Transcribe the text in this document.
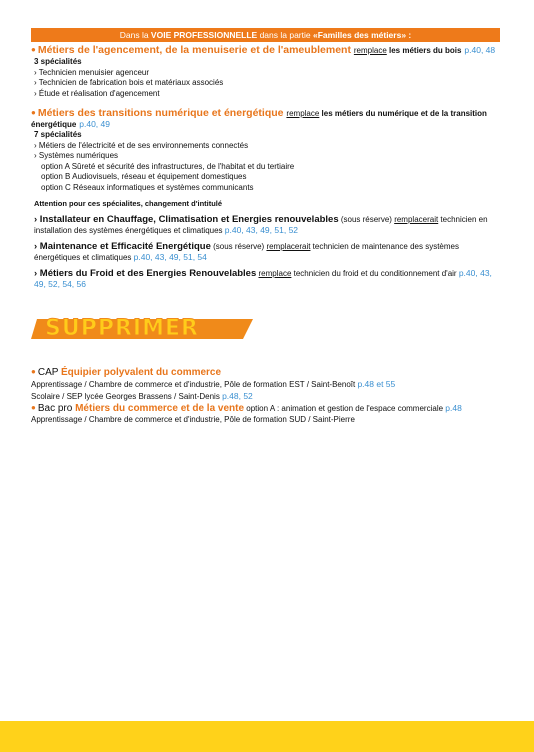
Dans la VOIE PROFESSIONNELLE dans la partie «Familles des métiers» :
● Métiers de l'agencement, de la menuiserie et de l'ameublement remplace les métiers du bois p.40, 48
3 spécialités
› Technicien menuisier agenceur
› Technicien de fabrication bois et matériaux associés
› Étude et réalisation d'agencement
● Métiers des transitions numérique et énergétique remplace les métiers du numérique et de la transition énergétique p.40, 49
7 spécialités
› Métiers de l'électricité et de ses environnements connectés
› Systèmes numériques
option A Sûreté et sécurité des infrastructures, de l'habitat et du tertiaire
option B Audiovisuels, réseau et équipement domestiques
option C Réseaux informatiques et systèmes communicants
Attention pour ces spécialites, changement d'intitulé
› Installateur en Chauffage, Climatisation et Energies renouvelables (sous réserve) remplacerait technicien en installation des systèmes énergétiques et climatiques p.40, 43, 49, 51, 52
› Maintenance et Efficacité Energétique (sous réserve) remplacerait technicien de maintenance des systèmes énergétiques et climatiques p.40, 43, 49, 51, 54
› Métiers du Froid et des Energies Renouvelables remplace technicien du froid et du conditionnement d'air p.40, 43, 49, 52, 54, 56
SUPPRIMER
● CAP Équipier polyvalent du commerce
Apprentissage / Chambre de commerce et d'industrie, Pôle de formation EST / Saint-Benoît p.48 et 55
Scolaire / SEP lycée Georges Brassens / Saint-Denis p.48, 52
● Bac pro Métiers du commerce et de la vente option A : animation et gestion de l'espace commerciale p.48
Apprentissage / Chambre de commerce et d'industrie, Pôle de formation SUD / Saint-Pierre
